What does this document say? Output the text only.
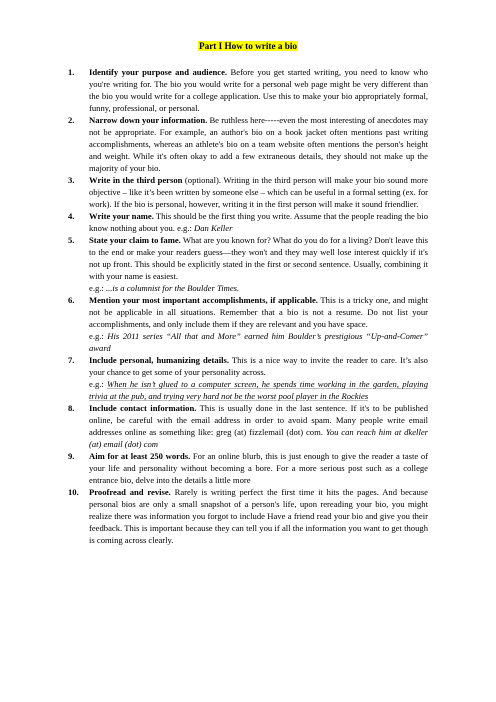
Part I How to write a bio
1. Identify your purpose and audience. Before you get started writing, you need to know who you're writing for. The bio you would write for a personal web page might be very different than the bio you would write for a college application. Use this to make your bio appropriately formal, funny, professional, or personal.
2. Narrow down your information. Be ruthless here-----even the most interesting of anecdotes may not be appropriate. For example, an author's bio on a book jacket often mentions past writing accomplishments, whereas an athlete's bio on a team website often mentions the person's height and weight. While it's often okay to add a few extraneous details, they should not make up the majority of your bio.
3. Write in the third person (optional). Writing in the third person will make your bio sound more objective – like it’s been written by someone else – which can be useful in a formal setting (ex. for work). If the bio is personal, however, writing it in the first person will make it sound friendlier.
4. Write your name. This should be the first thing you write. Assume that the people reading the bio know nothing about you. e.g.: Dan Keller
5. State your claim to fame. What are you known for? What do you do for a living? Don't leave this to the end or make your readers guess—they won't and they may well lose interest quickly if it's not up front. This should be explicitly stated in the first or second sentence. Usually, combining it with your name is easiest.
e.g.: ...is a columnist for the Boulder Times.
6. Mention your most important accomplishments, if applicable. This is a tricky one, and might not be applicable in all situations. Remember that a bio is not a resume. Do not list your accomplishments, and only include them if they are relevant and you have space.
e.g.: His 2011 series “All that and More” earned him Boulder’s prestigious “Up-and-Comer” award
7. Include personal, humanizing details. This is a nice way to invite the reader to care. It’s also your chance to get some of your personality across.
e.g.: When he isn’t glued to a computer screen, he spends time working in the garden, playing trivia at the pub, and trying very hard not be the worst pool player in the Rockies
8. Include contact information. This is usually done in the last sentence. If it's to be published online, be careful with the email address in order to avoid spam. Many people write email addresses online as something like: greg (at) fizzlemail (dot) com. You can reach him at dkeller (at) email (dot) com
9. Aim for at least 250 words. For an online blurb, this is just enough to give the reader a taste of your life and personality without becoming a bore. For a more serious post such as a college entrance bio, delve into the details a little more
10. Proofread and revise. Rarely is writing perfect the first time it hits the pages. And because personal bios are only a small snapshot of a person's life, upon rereading your bio, you might realize there was information you forgot to include Have a friend read your bio and give you their feedback. This is important because they can tell you if all the information you want to get though is coming across clearly.
